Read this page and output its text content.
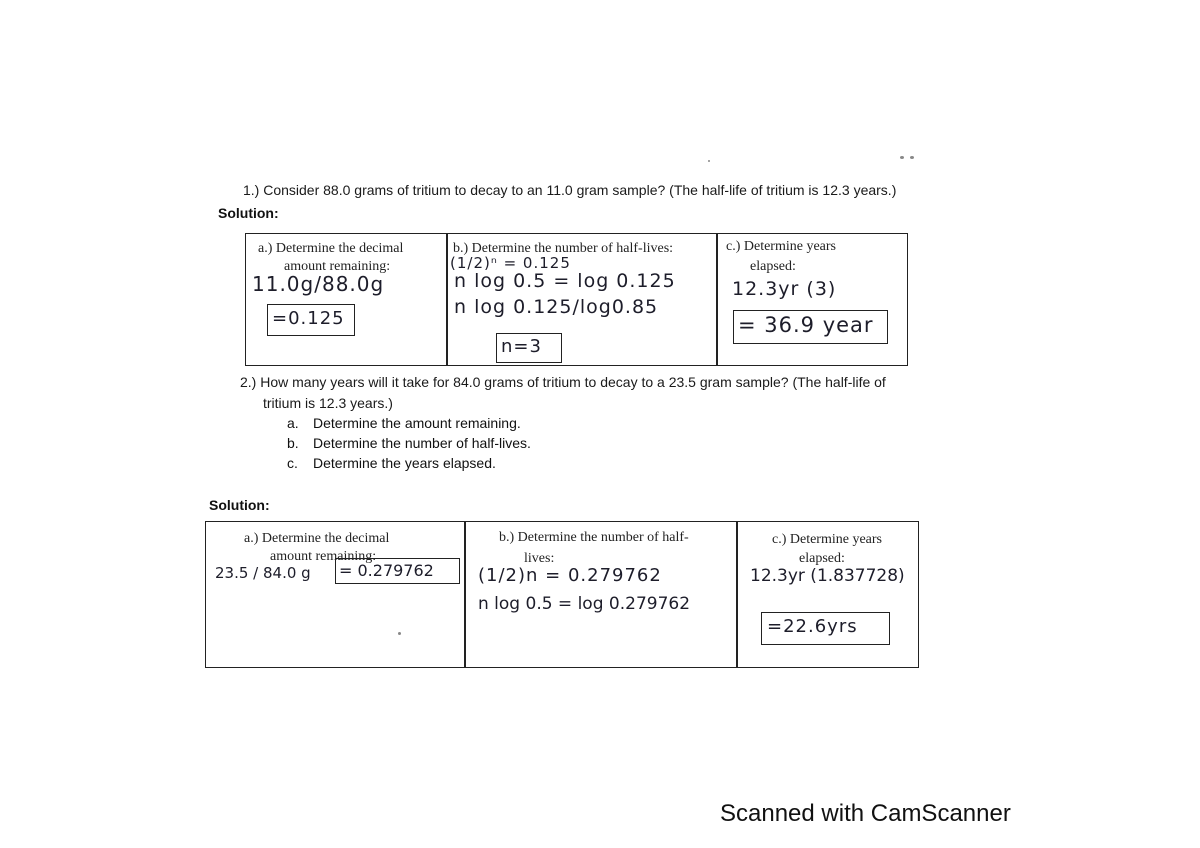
1.) Consider 88.0 grams of tritium to decay to an 11.0 gram sample? (The half-life of tritium is 12.3 years.)
Solution:
a.) Determine the decimal
amount remaining:
11.0g/88.0g
=0.125
b.) Determine the number of half-lives:
(1/2)ⁿ = 0.125
n log 0.5 = log 0.125
n log 0.125/log0.85
n=3
c.) Determine years
elapsed:
12.3yr (3)
= 36.9 year
2.) How many years will it take for 84.0 grams of tritium to decay to a 23.5 gram sample? (The half-life of
tritium is 12.3 years.)
a. Determine the amount remaining.
b. Determine the number of half-lives.
c. Determine the years elapsed.
Solution:
a.) Determine the decimal
amount remaining:
23.5 / 84.0 g = 0.279762
b.) Determine the number of half-
lives:
(1/2)n = 0.279762
n log 0.5 = log 0.279762
c.) Determine years
elapsed:
12.3yr (1.837728)
=22.6yrs
Scanned with CamScanner
